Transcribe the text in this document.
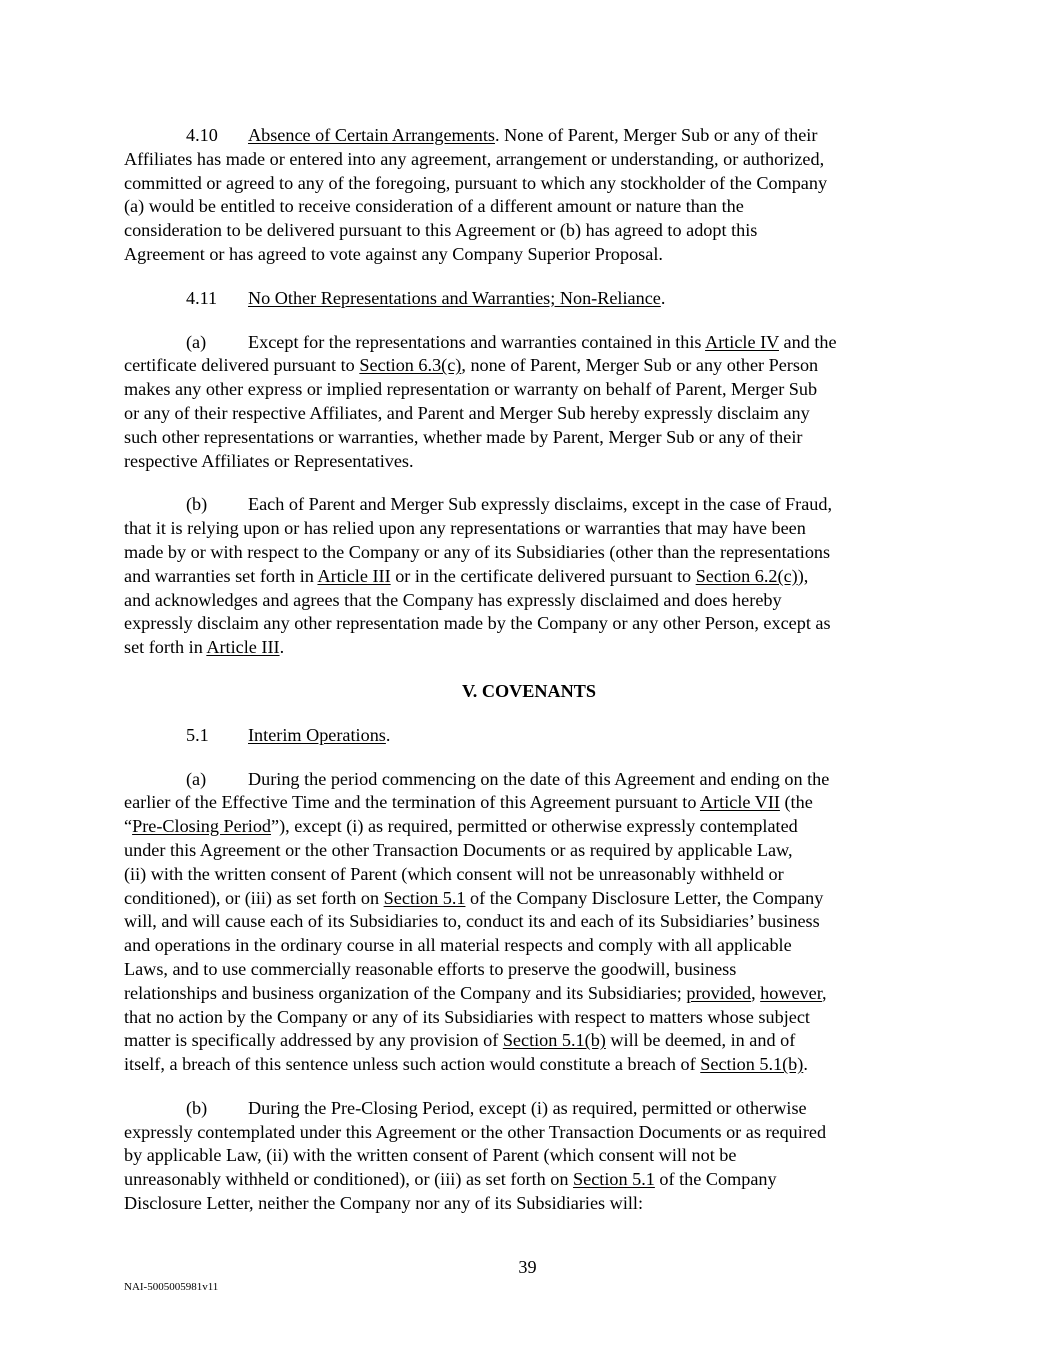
4.10 Absence of Certain Arrangements. None of Parent, Merger Sub or any of their
Affiliates has made or entered into any agreement, arrangement or understanding, or authorized,
committed or agreed to any of the foregoing, pursuant to which any stockholder of the Company
(a) would be entitled to receive consideration of a different amount or nature than the
consideration to be delivered pursuant to this Agreement or (b) has agreed to adopt this
Agreement or has agreed to vote against any Company Superior Proposal.
4.11 No Other Representations and Warranties; Non-Reliance.
(a) Except for the representations and warranties contained in this Article IV and the
certificate delivered pursuant to Section 6.3(c), none of Parent, Merger Sub or any other Person
makes any other express or implied representation or warranty on behalf of Parent, Merger Sub
or any of their respective Affiliates, and Parent and Merger Sub hereby expressly disclaim any
such other representations or warranties, whether made by Parent, Merger Sub or any of their
respective Affiliates or Representatives.
(b) Each of Parent and Merger Sub expressly disclaims, except in the case of Fraud,
that it is relying upon or has relied upon any representations or warranties that may have been
made by or with respect to the Company or any of its Subsidiaries (other than the representations
and warranties set forth in Article III or in the certificate delivered pursuant to Section 6.2(c)),
and acknowledges and agrees that the Company has expressly disclaimed and does hereby
expressly disclaim any other representation made by the Company or any other Person, except as
set forth in Article III.
V. COVENANTS
5.1 Interim Operations.
(a) During the period commencing on the date of this Agreement and ending on the
earlier of the Effective Time and the termination of this Agreement pursuant to Article VII (the
“Pre-Closing Period”), except (i) as required, permitted or otherwise expressly contemplated
under this Agreement or the other Transaction Documents or as required by applicable Law,
(ii) with the written consent of Parent (which consent will not be unreasonably withheld or
conditioned), or (iii) as set forth on Section 5.1 of the Company Disclosure Letter, the Company
will, and will cause each of its Subsidiaries to, conduct its and each of its Subsidiaries’ business
and operations in the ordinary course in all material respects and comply with all applicable
Laws, and to use commercially reasonable efforts to preserve the goodwill, business
relationships and business organization of the Company and its Subsidiaries; provided, however,
that no action by the Company or any of its Subsidiaries with respect to matters whose subject
matter is specifically addressed by any provision of Section 5.1(b) will be deemed, in and of
itself, a breach of this sentence unless such action would constitute a breach of Section 5.1(b).
(b) During the Pre-Closing Period, except (i) as required, permitted or otherwise
expressly contemplated under this Agreement or the other Transaction Documents or as required
by applicable Law, (ii) with the written consent of Parent (which consent will not be
unreasonably withheld or conditioned), or (iii) as set forth on Section 5.1 of the Company
Disclosure Letter, neither the Company nor any of its Subsidiaries will:
39
NAI-5005005981v11
